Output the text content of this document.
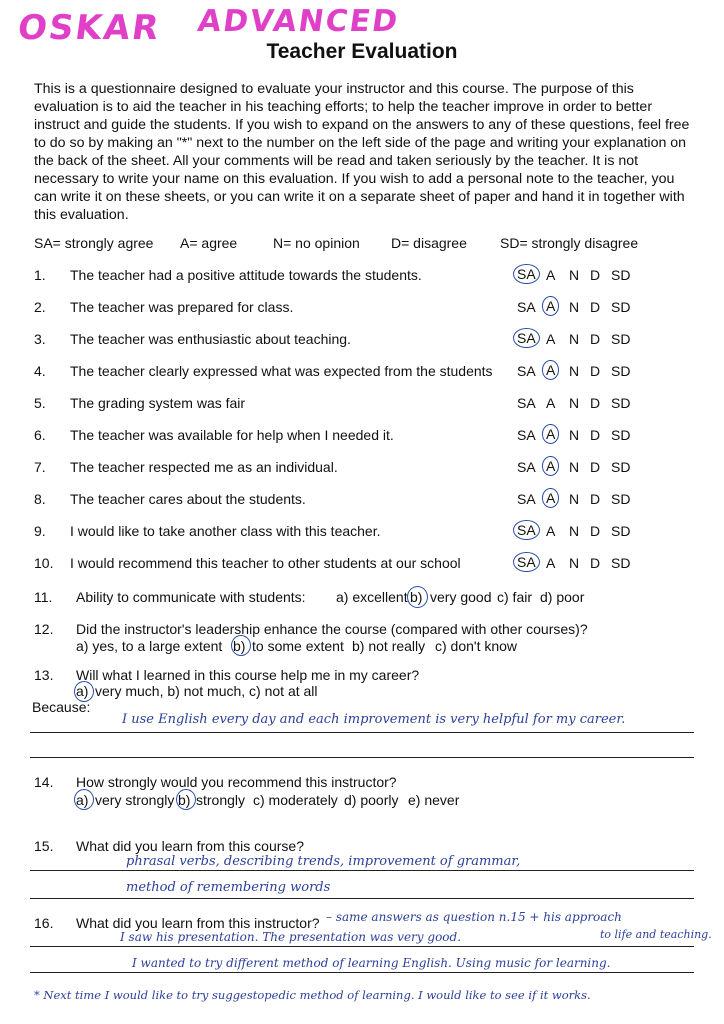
OSKAR ADVANCED
Teacher Evaluation
This is a questionnaire designed to evaluate your instructor and this course. The purpose of this evaluation is to aid the teacher in his teaching efforts; to help the teacher improve in order to better instruct and guide the students. If you wish to expand on the answers to any of these questions, feel free to do so by making an "*" next to the number on the left side of the page and writing your explanation on the back of the sheet. All your comments will be read and taken seriously by the teacher. It is not necessary to write your name on this evaluation. If you wish to add a personal note to the teacher, you can write it on these sheets, or you can write it on a separate sheet of paper and hand it in together with this evaluation.
SA= strongly agree A= agree	N= no opinion D= disagree SD= strongly disagree
1. The teacher had a positive attitude towards the students.	SA A N D SD
2. The teacher was prepared for class.	SA A N D SD
3. The teacher was enthusiastic about teaching.	SA A N D SD
4. The teacher clearly expressed what was expected from the students SA A N D SD
5. The grading system was fair	SA A N D SD
6. The teacher was available for help when I needed it.	SA A N D SD
7. The teacher respected me as an individual.	SA A N D SD
8. The teacher cares about the students.	SA A N D SD
9. I would like to take another class with this teacher.	SA A N D SD
10. I would recommend this teacher to other students at our school	SA A N D SD
11. Ability to communicate with students: a) excellent b) very good c) fair d) poor
12. Did the instructor's leadership enhance the course (compared with other courses)?
a) yes, to a large extent b) to some extent b) not really c) don't know
13. Will what I learned in this course help me in my career?
a) very much, b) not much, c) not at all
Because:
I use English every day and each improvement is very helpful for my career.
14. How strongly would you recommend this instructor?
a) very strongly b) strongly c) moderately d) poorly e) never
15. What did you learn from this course?
phrasal verbs, describing trends, improvement of grammar,
method of remembering words
16. What did you learn from this instructor? – same answers as question n.15 + his approach
to life and teaching.
I saw his presentation. The presentation was very good.
I wanted to try different method of learning English. Using music for learning.
* Next time I would like to try suggestopedic method of learning. I would like to see if it works.
